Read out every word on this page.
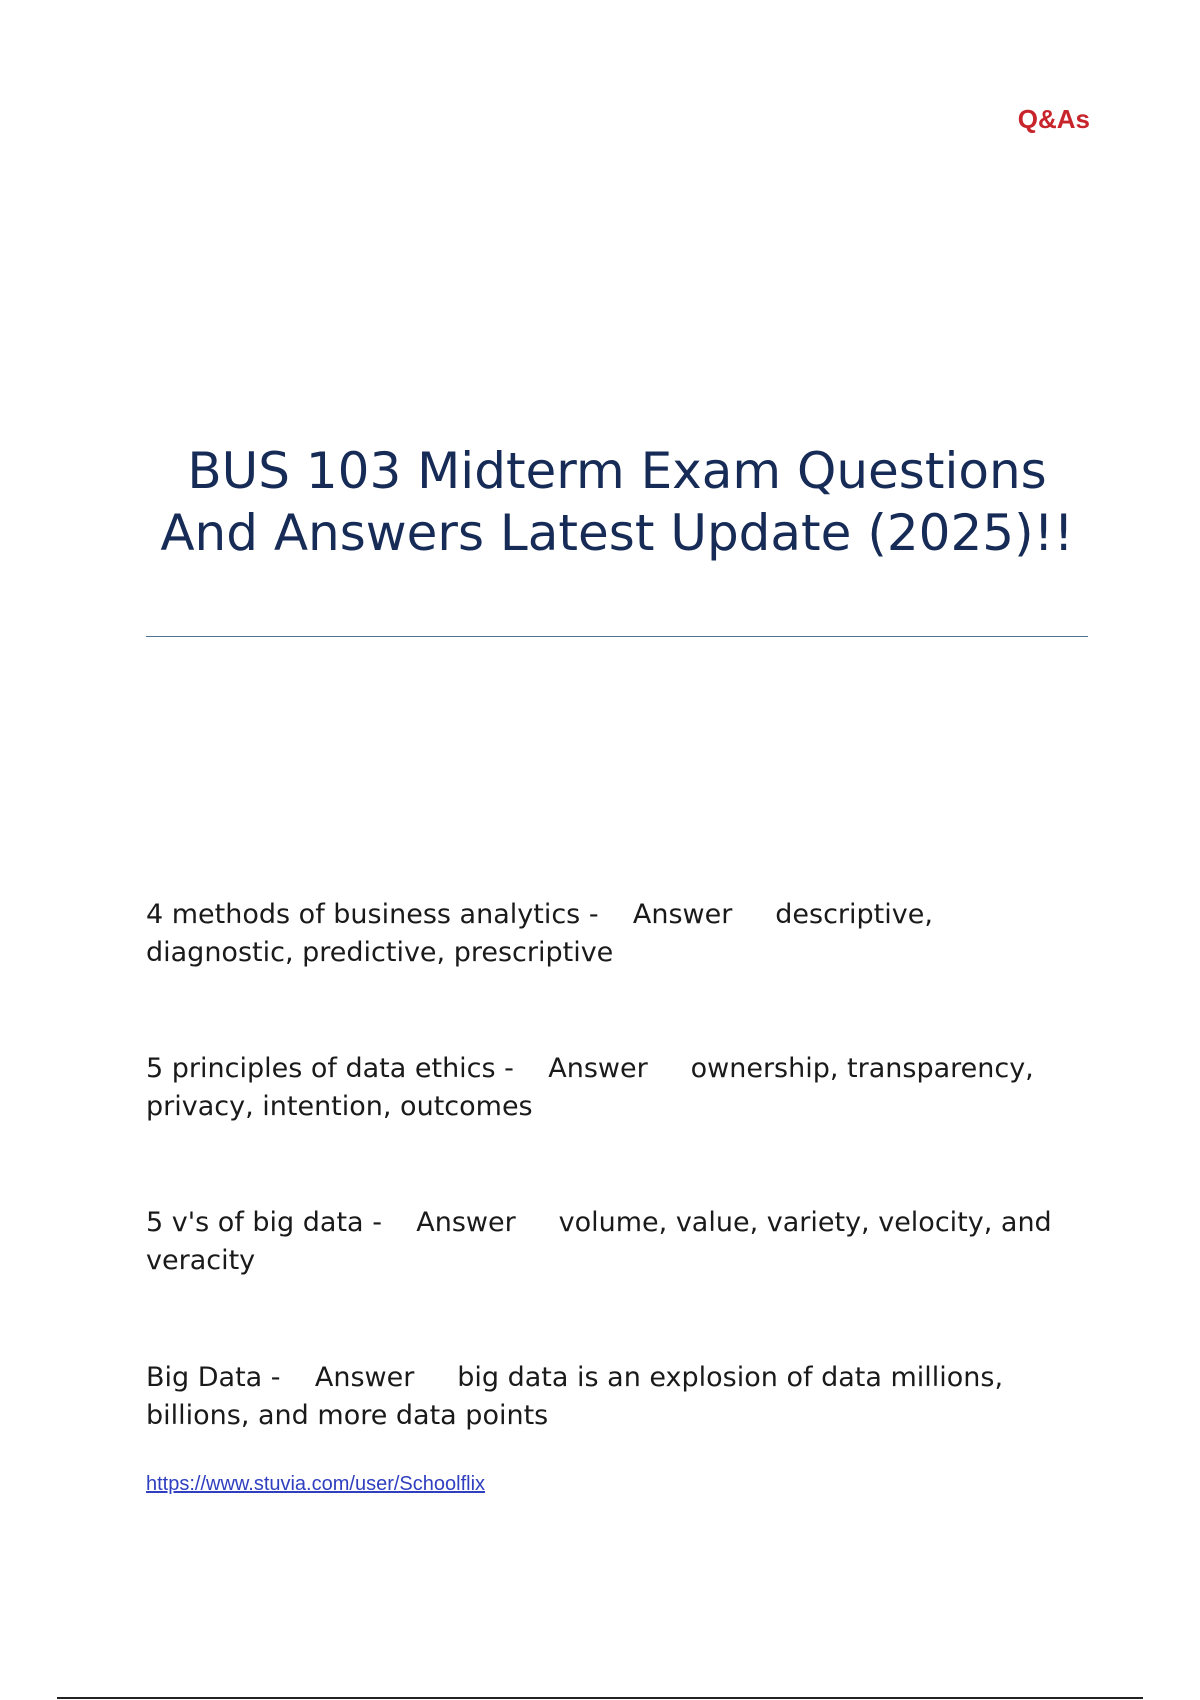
Q&As
BUS 103 Midterm Exam Questions And Answers Latest Update (2025)!!

4 methods of business analytics -    Answer descriptive, diagnostic, predictive, prescriptive

5 principles of data ethics -    Answer ownership, transparency, privacy, intention, outcomes

5 v's of big data -    Answer volume, value, variety, velocity, and veracity

Big Data -    Answer big data is an explosion of data millions, billions, and more data points

https://www.stuvia.com/user/Schoolflix
